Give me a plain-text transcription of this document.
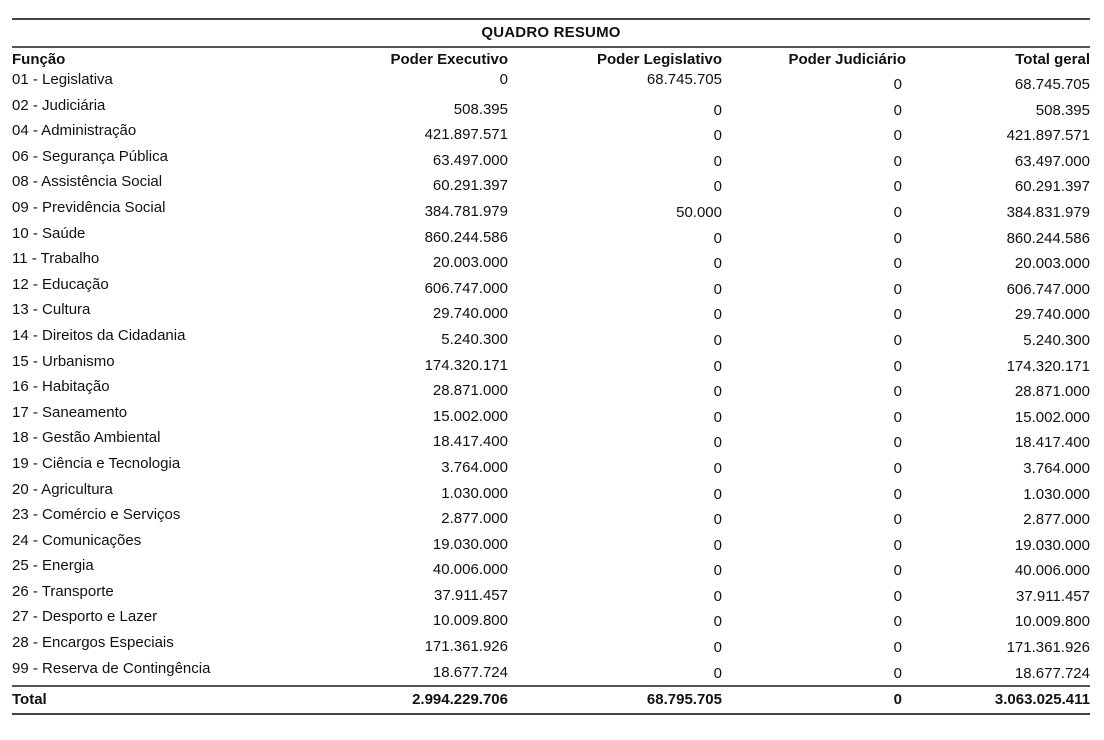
QUADRO RESUMO
Função	Poder Executivo	Poder Legislativo	Poder Judiciário	Total geral
01 - Legislativa	0	68.745.705	0	68.745.705
02 - Judiciária	508.395	0	0	508.395
04 - Administração	421.897.571	0	0	421.897.571
06 - Segurança Pública	63.497.000	0	0	63.497.000
08 - Assistência Social	60.291.397	0	0	60.291.397
09 - Previdência Social	384.781.979	50.000	0	384.831.979
10 - Saúde	860.244.586	0	0	860.244.586
11 - Trabalho	20.003.000	0	0	20.003.000
12 - Educação	606.747.000	0	0	606.747.000
13 - Cultura	29.740.000	0	0	29.740.000
14 - Direitos da Cidadania	5.240.300	0	0	5.240.300
15 - Urbanismo	174.320.171	0	0	174.320.171
16 - Habitação	28.871.000	0	0	28.871.000
17 - Saneamento	15.002.000	0	0	15.002.000
18 - Gestão Ambiental	18.417.400	0	0	18.417.400
19 - Ciência e Tecnologia	3.764.000	0	0	3.764.000
20 - Agricultura	1.030.000	0	0	1.030.000
23 - Comércio e Serviços	2.877.000	0	0	2.877.000
24 - Comunicações	19.030.000	0	0	19.030.000
25 - Energia	40.006.000	0	0	40.006.000
26 - Transporte	37.911.457	0	0	37.911.457
27 - Desporto e Lazer	10.009.800	0	0	10.009.800
28 - Encargos Especiais	171.361.926	0	0	171.361.926
99 - Reserva de Contingência	18.677.724	0	0	18.677.724
Total	2.994.229.706	68.795.705	0	3.063.025.411
